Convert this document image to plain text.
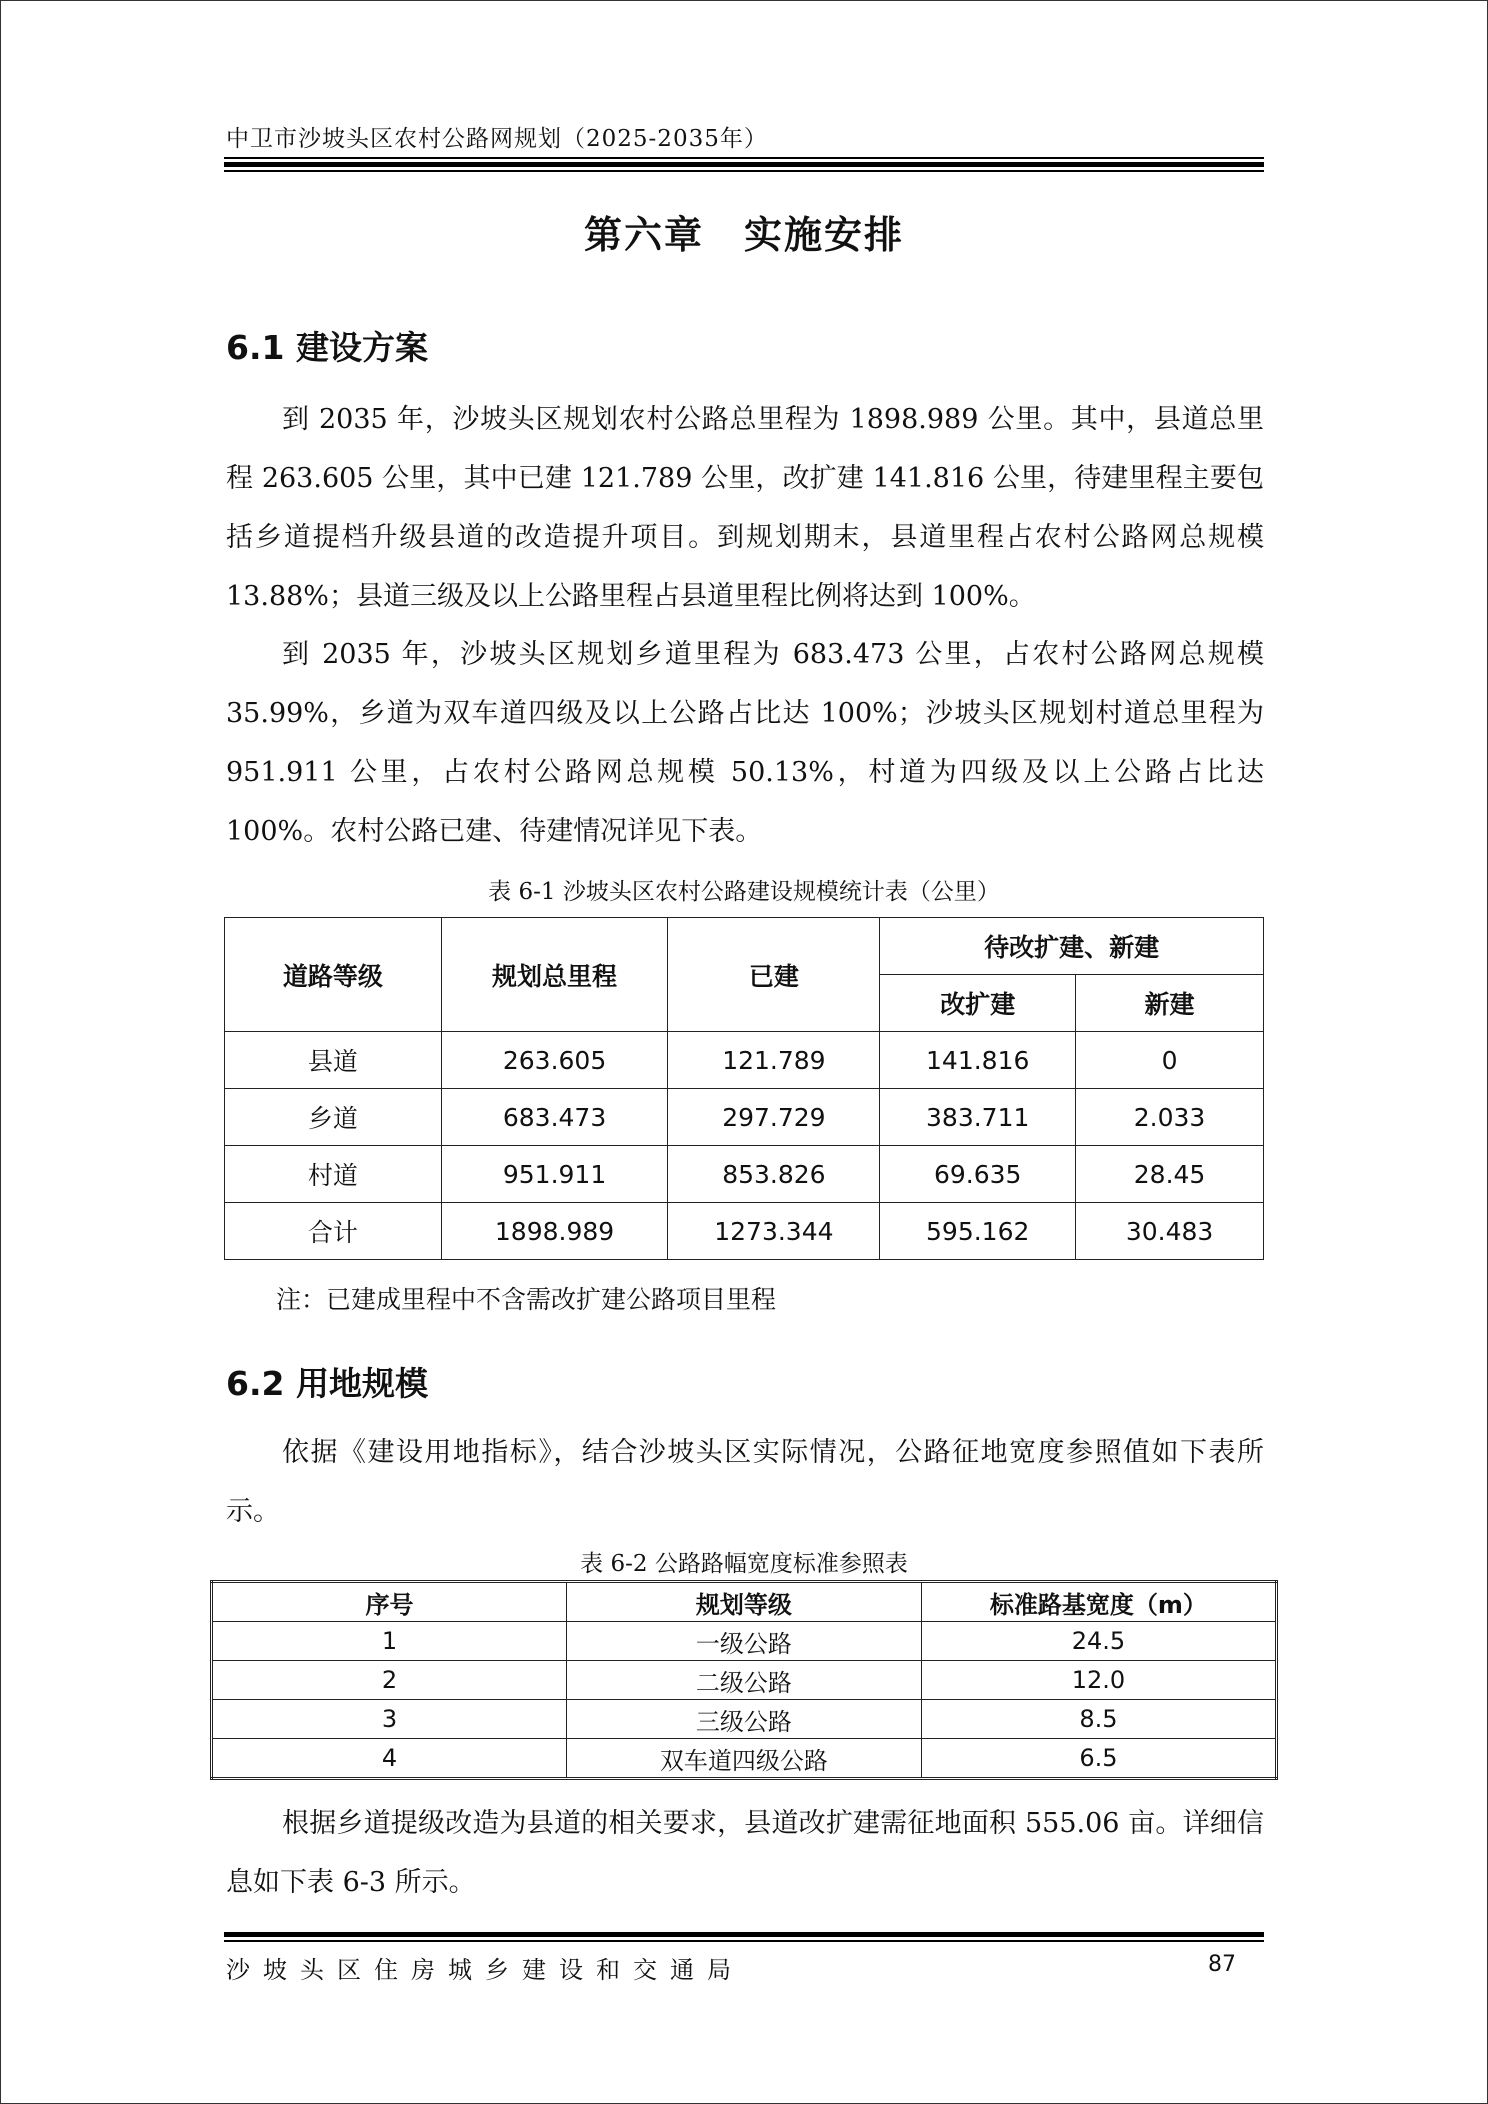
中卫市沙坡头区农村公路网规划（2025-2035年）
第六章　实施安排
6.1 建设方案

到 2035 年，沙坡头区规划农村公路总里程为 1898.989 公里。其中，县道总里程 263.605 公里，其中已建 121.789 公里，改扩建 141.816 公里，待建里程主要包括乡道提档升级县道的改造提升项目。到规划期末，县道里程占农村公路网总规模 13.88%；县道三级及以上公路里程占县道里程比例将达到 100%。

到 2035 年，沙坡头区规划乡道里程为 683.473 公里，占农村公路网总规模 35.99%，乡道为双车道四级及以上公路占比达 100%；沙坡头区规划村道总里程为 951.911 公里，占农村公路网总规模 50.13%，村道为四级及以上公路占比达 100%。农村公路已建、待建情况详见下表。

表 6-1 沙坡头区农村公路建设规模统计表（公里）
道路等级	规划总里程	已建	待改扩建、新建	
			改扩建	新建
县道	263.605	121.789	141.816	0
乡道	683.473	297.729	383.711	2.033
村道	951.911	853.826	69.635	28.45
合计	1898.989	1273.344	595.162	30.483
注：已建成里程中不含需改扩建公路项目里程
6.2 用地规模

依据《建设用地指标》，结合沙坡头区实际情况，公路征地宽度参照值如下表所示。

表 6-2 公路路幅宽度标准参照表
序号	规划等级	标准路基宽度（m）
1	一级公路	24.5
2	二级公路	12.0
3	三级公路	8.5
4	双车道四级公路	6.5

根据乡道提级改造为县道的相关要求，县道改扩建需征地面积 555.06 亩。详细信息如下表 6-3 所示。

沙坡头区住房城乡建设和交通局	87
